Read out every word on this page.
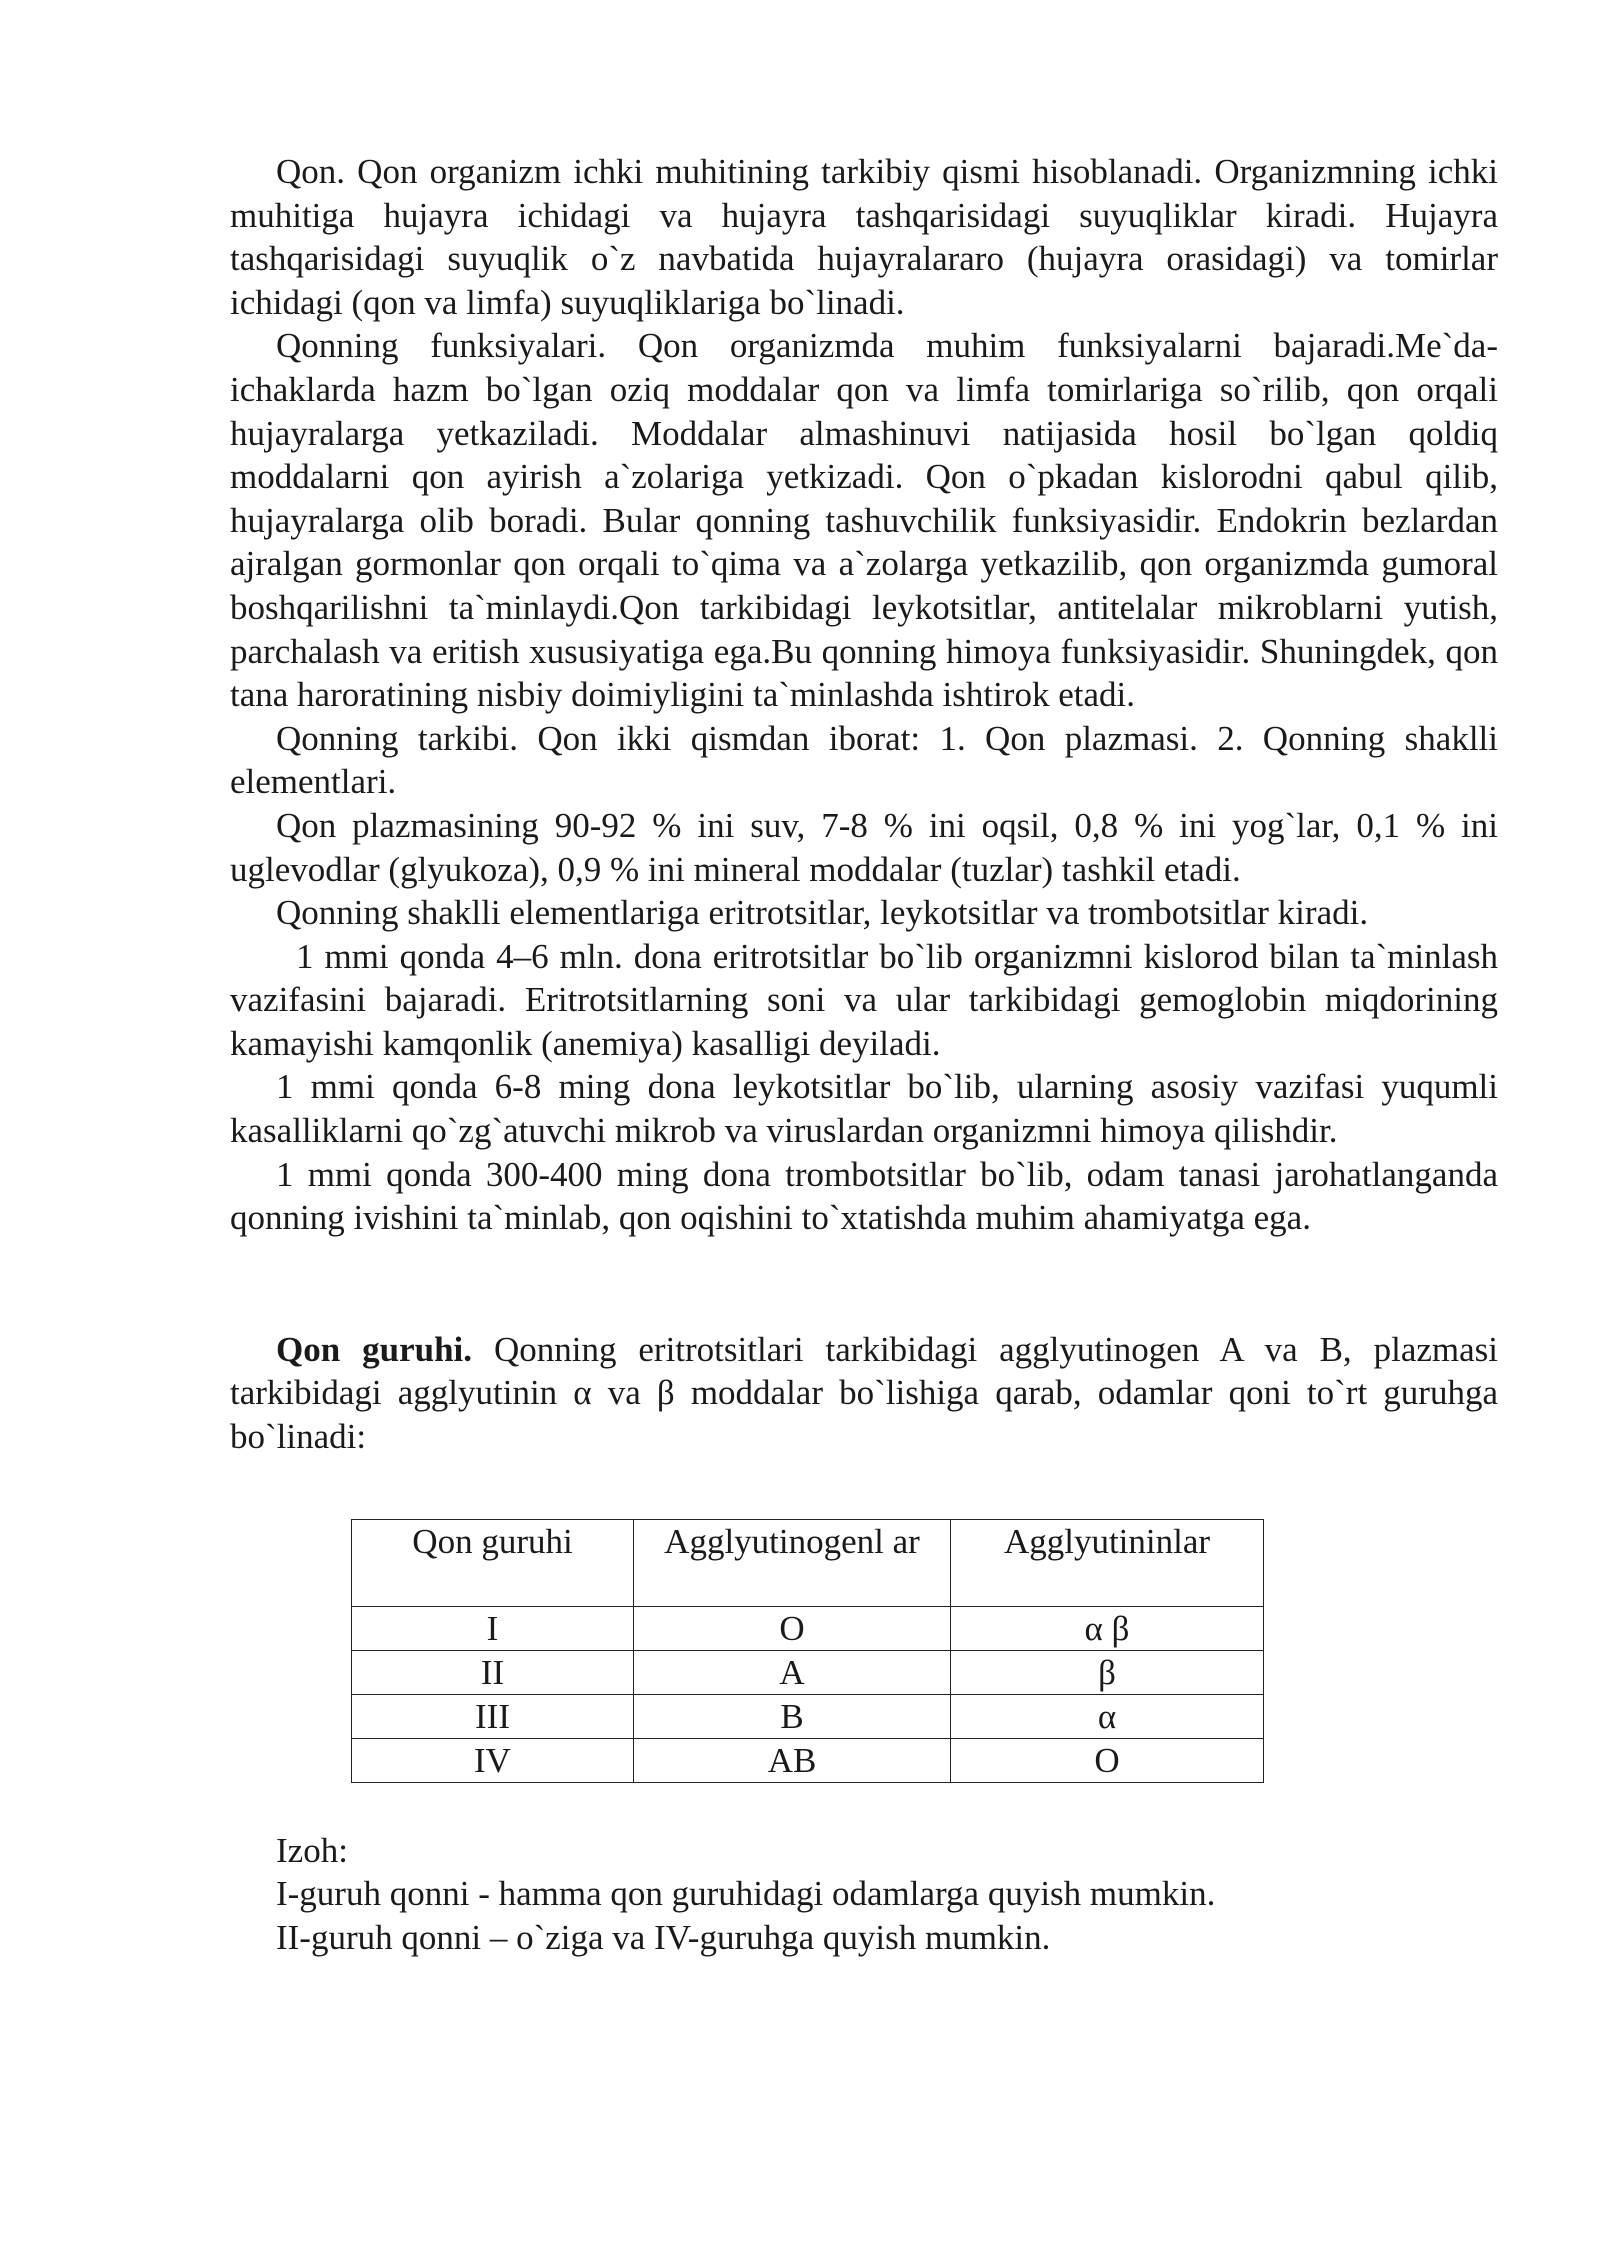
Qon. Qon organizm ichki muhitining tarkibiy qismi hisoblanadi. Organizmning ichki muhitiga hujayra ichidagi va hujayra tashqarisidagi suyuqliklar kiradi. Hujayra tashqarisidagi suyuqlik o`z navbatida hujayralararo (hujayra orasidagi) va tomirlar ichidagi (qon va limfa) suyuqliklariga bo`linadi.

Qonning funksiyalari. Qon organizmda muhim funksiyalarni bajaradi.Me`da-ichaklarda hazm bo`lgan oziq moddalar qon va limfa tomirlariga so`rilib, qon orqali hujayralarga yetkaziladi. Moddalar almashinuvi natijasida hosil bo`lgan qoldiq moddalarni qon ayirish a`zolariga yetkizadi. Qon o`pkadan kislorodni qabul qilib, hujayralarga olib boradi. Bular qonning tashuvchilik funksiyasidir. Endokrin bezlardan ajralgan gormonlar qon orqali to`qima va a`zolarga yetkazilib, qon organizmda gumoral boshqarilishni ta`minlaydi.Qon tarkibidagi leykotsitlar, antitelalar mikroblarni yutish, parchalash va eritish xususiyatiga ega.Bu qonning himoya funksiyasidir. Shuningdek, qon tana haroratining nisbiy doimiyligini ta`minlashda ishtirok etadi.

Qonning tarkibi. Qon ikki qismdan iborat: 1. Qon plazmasi. 2. Qonning shaklli elementlari.

Qon plazmasining 90-92 % ini suv, 7-8 % ini oqsil, 0,8 % ini yog`lar, 0,1 % ini uglevodlar (glyukoza), 0,9 % ini mineral moddalar (tuzlar) tashkil etadi.

Qonning shaklli elementlariga eritrotsitlar, leykotsitlar va trombotsitlar kiradi.

1 mmi qonda 4–6 mln. dona eritrotsitlar bo`lib organizmni kislorod bilan ta`minlash vazifasini bajaradi. Eritrotsitlarning soni va ular tarkibidagi gemoglobin miqdorining kamayishi kamqonlik (anemiya) kasalligi deyiladi.

1 mmi qonda 6-8 ming dona leykotsitlar bo`lib, ularning asosiy vazifasi yuqumli kasalliklarni qo`zg`atuvchi mikrob va viruslardan organizmni himoya qilishdir.

1 mmi qonda 300-400 ming dona trombotsitlar bo`lib, odam tanasi jarohatlanganda qonning ivishini ta`minlab, qon oqishini to`xtatishda muhim ahamiyatga ega.

Qon guruhi. Qonning eritrotsitlari tarkibidagi agglyutinogen A va B, plazmasi tarkibidagi agglyutinin α va β moddalar bo`lishiga qarab, odamlar qoni to`rt guruhga bo`linadi:

Qon guruhi	Agglyutinogenl ar	Agglyutininlar
I	O	α β
II	A	β
III	B	α
IV	AB	O
Izoh:
I-guruh qonni - hamma qon guruhidagi odamlarga quyish mumkin.
II-guruh qonni – o`ziga va IV-guruhga quyish mumkin.
